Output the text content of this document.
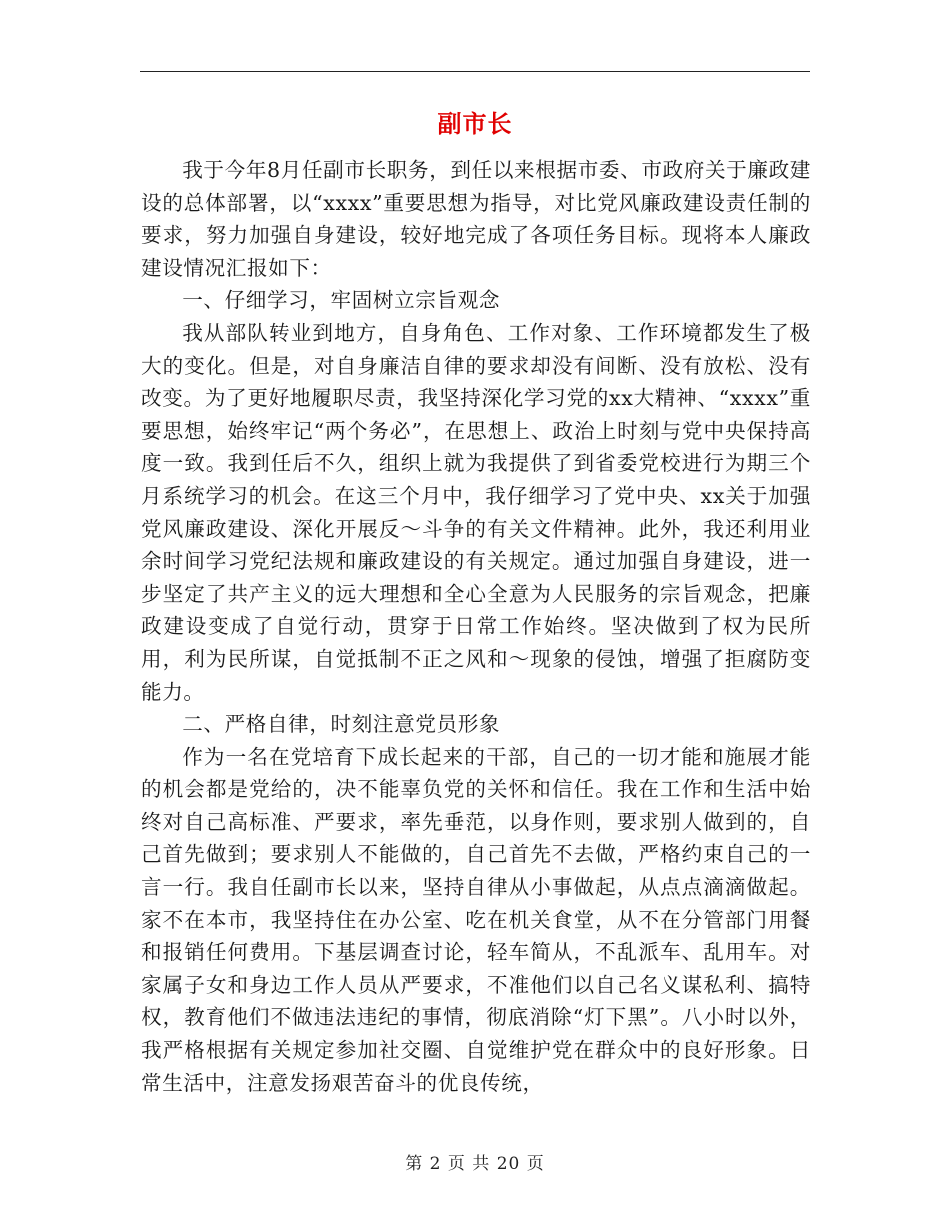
副市长

我于今年8月任副市长职务，到任以来根据市委、市政府关于廉政建设的总体部署，以“xxxx”重要思想为指导，对比党风廉政建设责任制的要求，努力加强自身建设，较好地完成了各项任务目标。现将本人廉政建设情况汇报如下：

一、仔细学习，牢固树立宗旨观念

我从部队转业到地方，自身角色、工作对象、工作环境都发生了极大的变化。但是，对自身廉洁自律的要求却没有间断、没有放松、没有改变。为了更好地履职尽责，我坚持深化学习党的xx大精神、“xxxx”重要思想，始终牢记“两个务必”，在思想上、政治上时刻与党中央保持高度一致。我到任后不久，组织上就为我提供了到省委党校进行为期三个月系统学习的机会。在这三个月中，我仔细学习了党中央、xx关于加强党风廉政建设、深化开展反～斗争的有关文件精神。此外，我还利用业余时间学习党纪法规和廉政建设的有关规定。通过加强自身建设，进一步坚定了共产主义的远大理想和全心全意为人民服务的宗旨观念，把廉政建设变成了自觉行动，贯穿于日常工作始终。坚决做到了权为民所用，利为民所谋，自觉抵制不正之风和～现象的侵蚀，增强了拒腐防变能力。

二、严格自律，时刻注意党员形象

作为一名在党培育下成长起来的干部，自己的一切才能和施展才能的机会都是党给的，决不能辜负党的关怀和信任。我在工作和生活中始终对自己高标准、严要求，率先垂范，以身作则，要求别人做到的，自己首先做到；要求别人不能做的，自己首先不去做，严格约束自己的一言一行。我自任副市长以来，坚持自律从小事做起，从点点滴滴做起。家不在本市，我坚持住在办公室、吃在机关食堂，从不在分管部门用餐和报销任何费用。下基层调查讨论，轻车简从，不乱派车、乱用车。对家属子女和身边工作人员从严要求，不准他们以自己名义谋私利、搞特权，教育他们不做违法违纪的事情，彻底消除“灯下黑”。八小时以外，我严格根据有关规定参加社交圈、自觉维护党在群众中的良好形象。日常生活中，注意发扬艰苦奋斗的优良传统，

第 2 页 共 20 页
